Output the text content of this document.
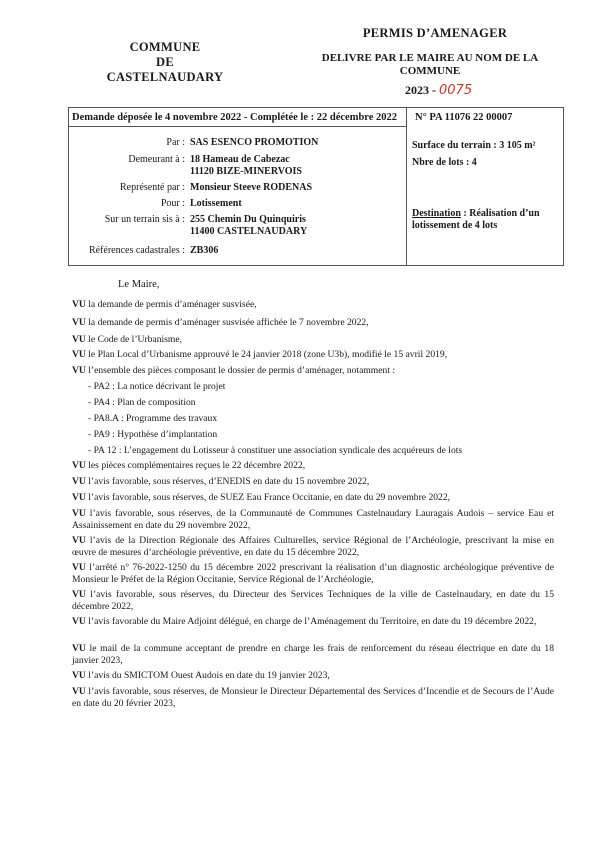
COMMUNE
DE
CASTELNAUDARY
PERMIS D’AMENAGER
DELIVRE PAR LE MAIRE AU NOM DE LA COMMUNE
2023 - 0075
Demande déposée le 4 novembre 2022 - Complétée le : 22 décembre 2022	N° PA 11076 22 00007
Surface du terrain : 3 105 m²
Nbre de lots : 4
Destination : Réalisation d’un lotissement de 4 lots
Par : SAS ESENCO PROMOTION
Demeurant à : 18 Hameau de Cabezac
11120 BIZE-MINERVOIS
Représenté par : Monsieur Steeve RODENAS
Pour : Lotissement
Sur un terrain sis à : 255 Chemin Du Quinquiris
11400 CASTELNAUDARY
Références cadastrales : ZB306
Le Maire,
VU la demande de permis d’aménager susvisée,
VU la demande de permis d’aménager susvisée affichée le 7 novembre 2022,
VU le Code de l’Urbanisme,
VU le Plan Local d’Urbanisme approuvé le 24 janvier 2018 (zone U3b), modifié le 15 avril 2019,
VU l’ensemble des pièces composant le dossier de permis d’aménager, notamment :
- PA2 : La notice décrivant le projet
- PA4 : Plan de composition
- PA8.A : Programme des travaux
- PA9 : Hypothèse d’implantation
- PA 12 : L’engagement du Lotisseur à constituer une association syndicale des acquéreurs de lots
VU les pièces complémentaires reçues le 22 décembre 2022,
VU l’avis favorable, sous réserves, d’ENEDIS en date du 15 novembre 2022,
VU l’avis favorable, sous réserves, de SUEZ Eau France Occitanie, en date du 29 novembre 2022,
VU l’avis favorable, sous réserves, de la Communauté de Communes Castelnaudary Lauragais Audois – service Eau et Assainissement en date du 29 novembre 2022,
VU l’avis de la Direction Régionale des Affaires Culturelles, service Régional de l’Archéologie, prescrivant la mise en œuvre de mesures d’archéologie préventive, en date du 15 décembre 2022,
VU l’arrêté n° 76-2022-1250 du 15 décembre 2022 prescrivant la réalisation d’un diagnostic archéologique préventive de Monsieur le Préfet de la Région Occitanie, Service Régional de l’Archéologie,
VU l’avis favorable, sous réserves, du Directeur des Services Techniques de la ville de Castelnaudary, en date du 15 décembre 2022,
VU l’avis favorable du Maire Adjoint délégué, en charge de l’Aménagement du Territoire, en date du 19 décembre 2022,
VU le mail de la commune acceptant de prendre en charge les frais de renforcement du réseau électrique en date du 18 janvier 2023,
VU l’avis du SMICTOM Ouest Audois en date du 19 janvier 2023,
VU l’avis favorable, sous réserves, de Monsieur le Directeur Départemental des Services d’Incendie et de Secours de l’Aude en date du 20 février 2023,
